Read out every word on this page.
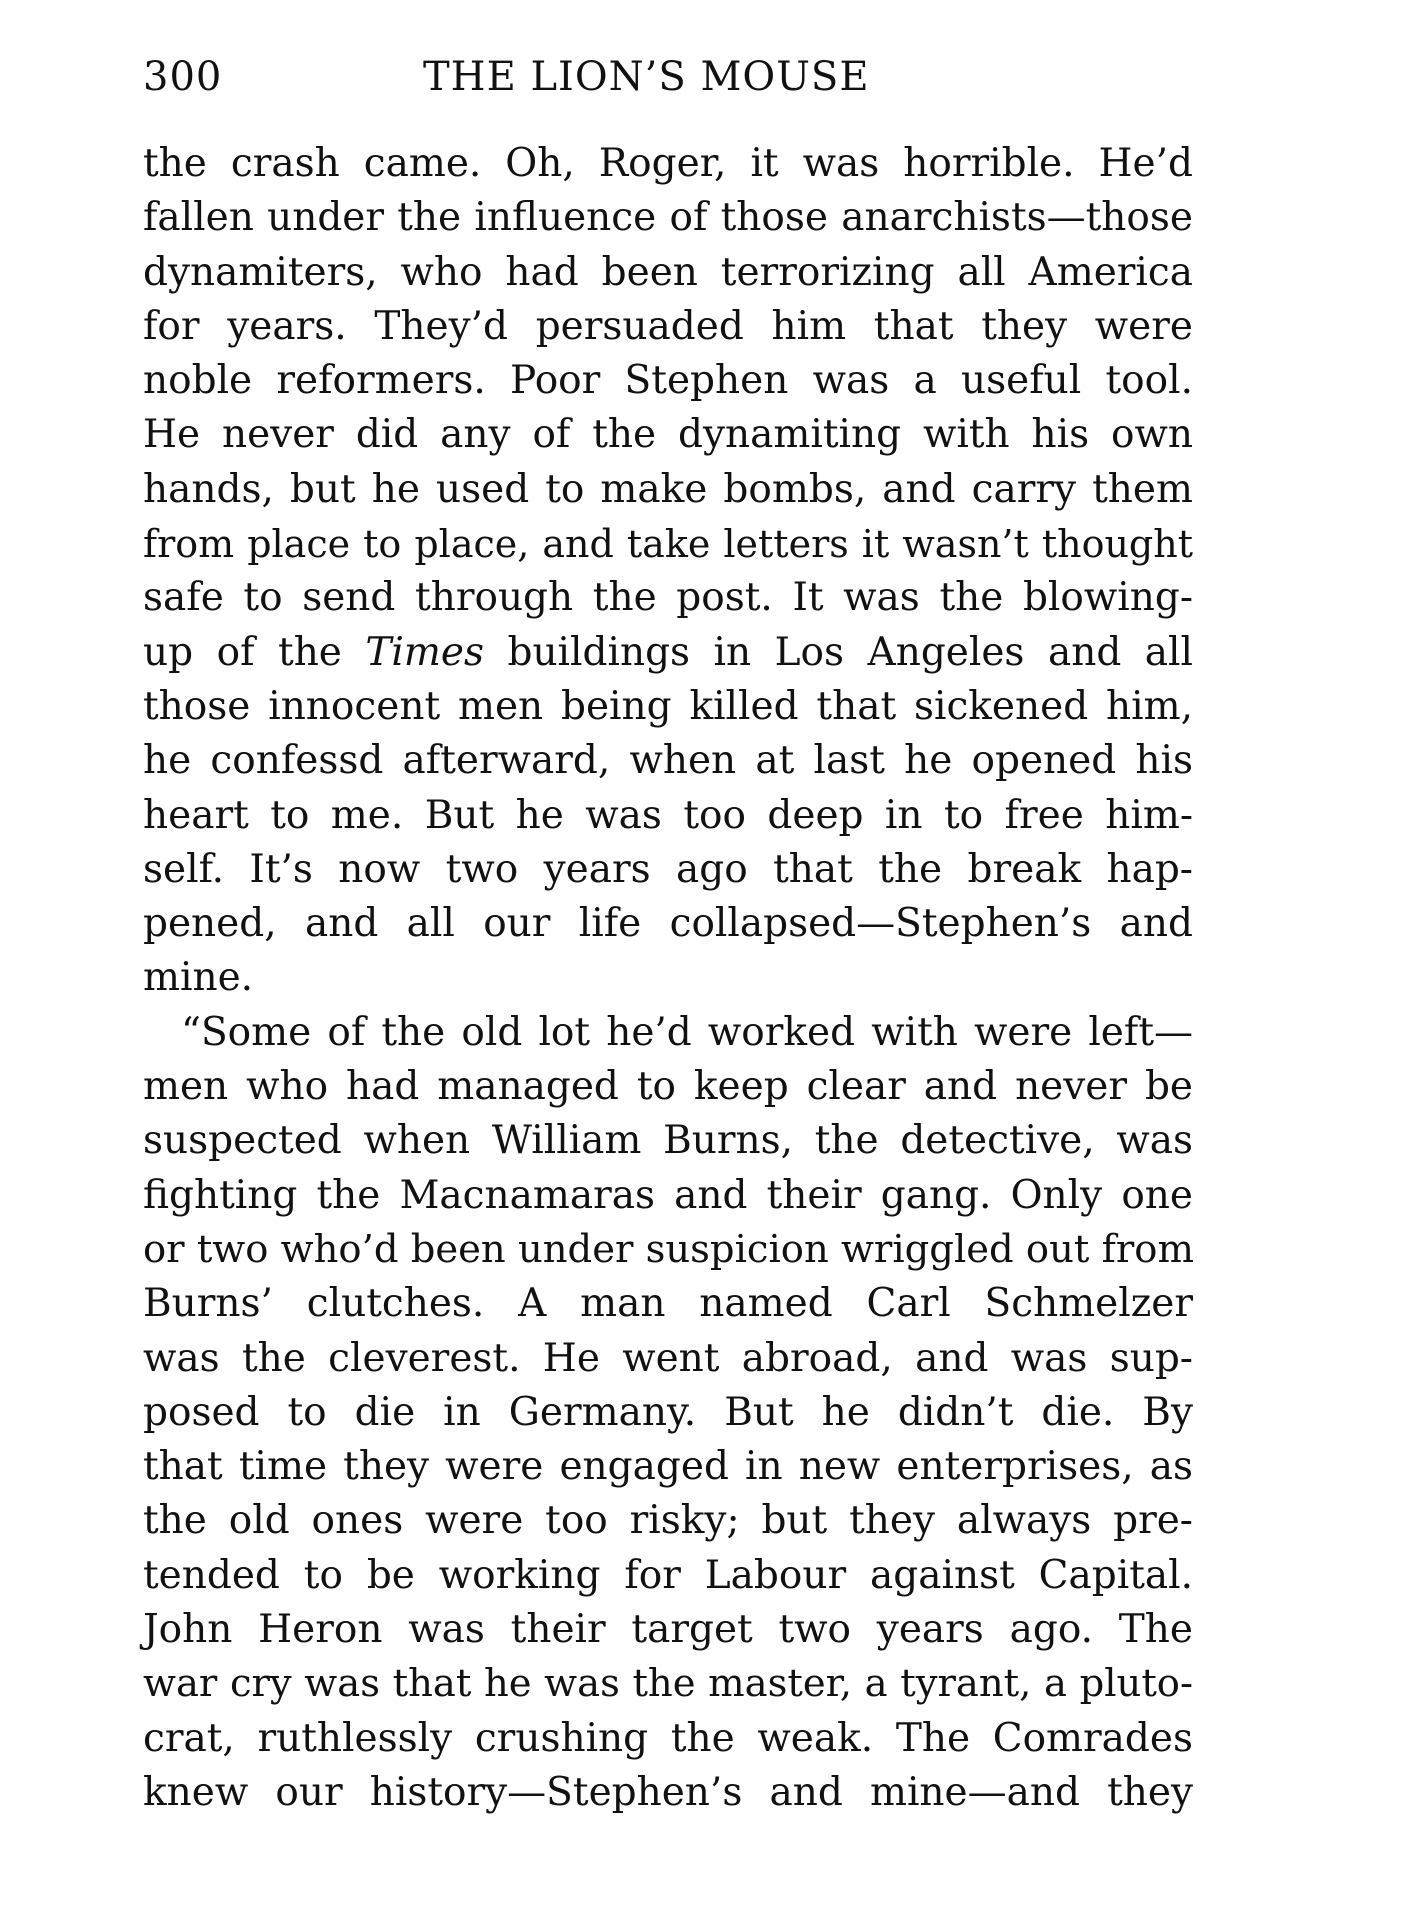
300	THE LION’S MOUSE
the crash came. Oh, Roger, it was horrible. He’d
fallen under the influence of those anarchists—those
dynamiters, who had been terrorizing all America
for years. They’d persuaded him that they were
noble reformers. Poor Stephen was a useful tool.
He never did any of the dynamiting with his own
hands, but he used to make bombs, and carry them
from place to place, and take letters it wasn’t thought
safe to send through the post. It was the blowing-
up of the Times buildings in Los Angeles and all
those innocent men being killed that sickened him,
he confessd afterward, when at last he opened his
heart to me. But he was too deep in to free him-
self. It’s now two years ago that the break hap-
pened, and all our life collapsed—Stephen’s and
mine.
“Some of the old lot he’d worked with were left—
men who had managed to keep clear and never be
suspected when William Burns, the detective, was
fighting the Macnamaras and their gang. Only one
or two who’d been under suspicion wriggled out from
Burns’ clutches. A man named Carl Schmelzer
was the cleverest. He went abroad, and was sup-
posed to die in Germany. But he didn’t die. By
that time they were engaged in new enterprises, as
the old ones were too risky; but they always pre-
tended to be working for Labour against Capital.
John Heron was their target two years ago. The
war cry was that he was the master, a tyrant, a pluto-
crat, ruthlessly crushing the weak. The Comrades
knew our history—Stephen’s and mine—and they
